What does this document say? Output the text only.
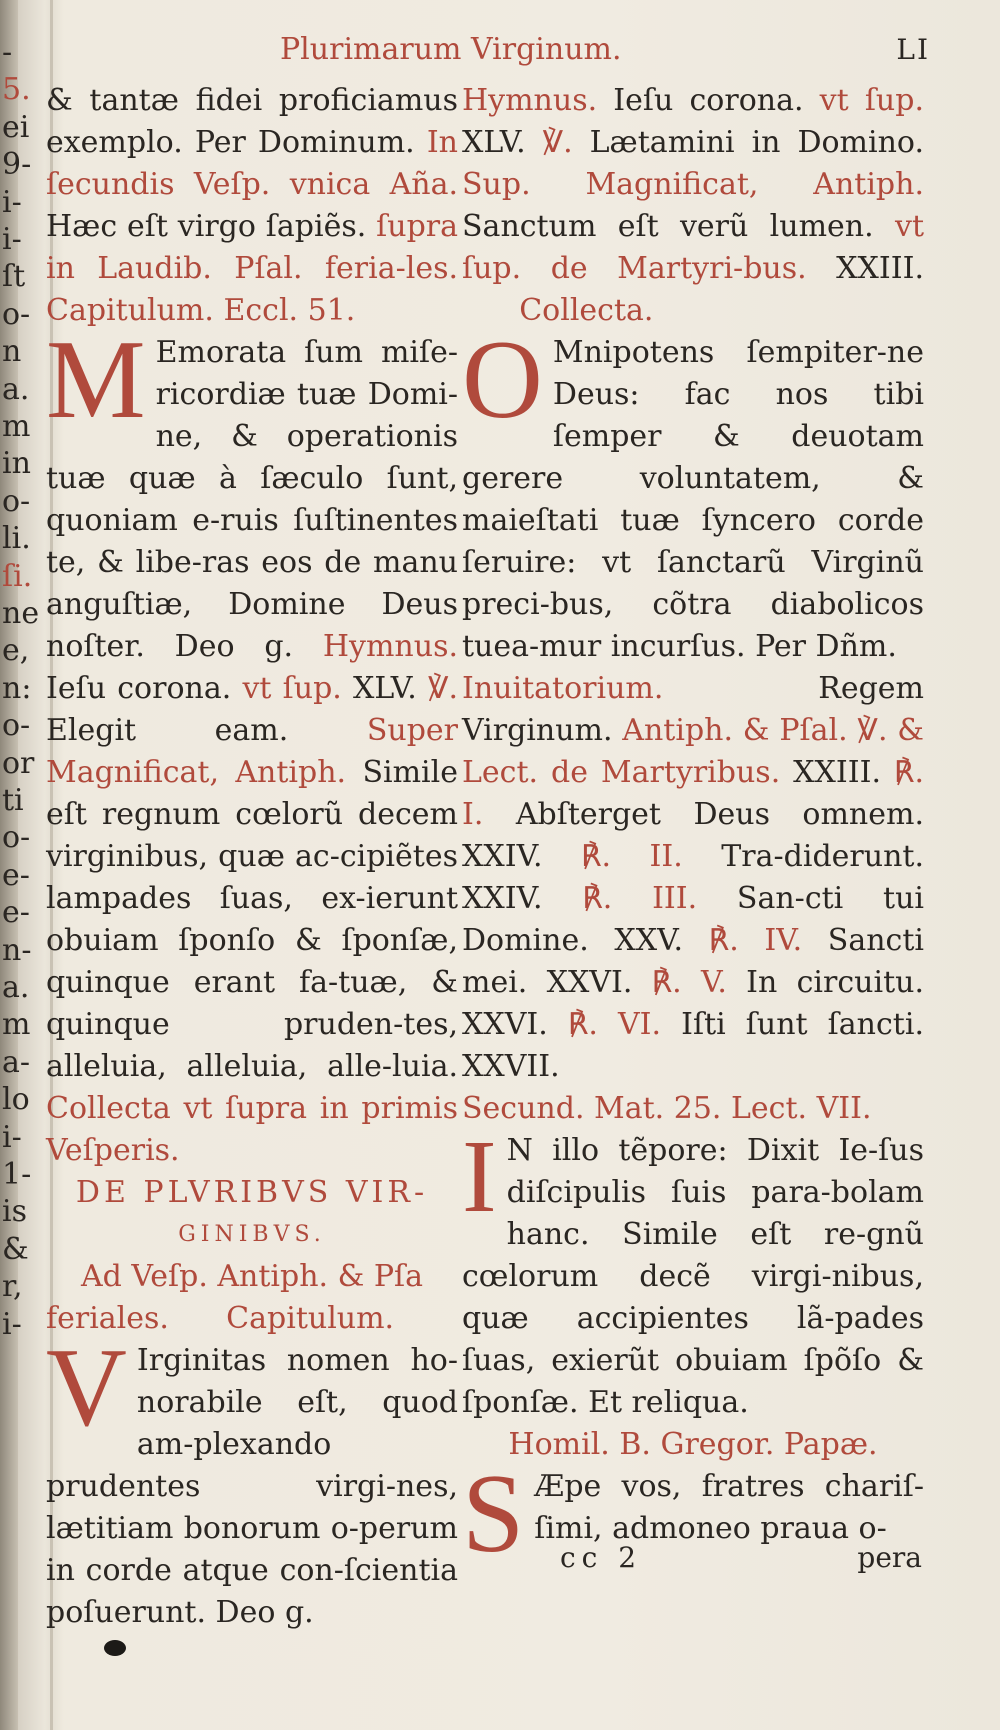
-
5.
ei
9-
i-
i-
ſt
o-
n
a.
m
in
o-
li.
ſi.
ne
e,
n:
o-
or
ti
o-
e-
e-
n-
a.
m
a-
lo
i-
1-
is
&
r,
i-
Plurimarum Virginum.	LI

& tantæ fidei proficiamus exemplo. Per Dominum. In ſecundis Veſp. vnica Aña. Hæc eſt virgo ſapiẽs. ſupra in Laudib. Pſal. feria-les. Capitulum. Eccl. 51.

M Emorata ſum miſe-ricordiæ tuæ Domi-ne, & operationis tuæ quæ à ſæculo ſunt, quoniam e-ruis ſuſtinentes te, & libe-ras eos de manu anguſtiæ, Domine Deus noſter. Deo g. Hymnus. Ieſu corona. vt ſup. XLV. ℣. Elegit eam. Super Magnificat, Antiph. Simile eſt regnum cœlorũ decem virginibus, quæ ac-cipiẽtes lampades ſuas, ex-ierunt obuiam ſponſo & ſponſæ, quinque erant fa-tuæ, & quinque pruden-tes, alleluia, alleluia, alle-luia. Collecta vt ſupra in primis Veſperis.

DE PLVRIBVS VIR-

GINIBVS.

Ad Veſp. Antiph. & Pſa

feriales.      Capitulum.

V Irginitas nomen ho-norabile eſt, quod am-plexando prudentes virgi-nes, lætitiam bonorum o-perum in corde atque con-ſcientia poſuerunt. Deo g.

Hymnus. Ieſu corona. vt ſup. XLV. ℣. Lætamini in Domino. Sup. Magnificat, Antiph. Sanctum eſt verũ lumen. vt ſup. de Martyri-bus. XXIII.      Collecta.

O Mnipotens ſempiter-ne Deus: fac nos tibi ſemper & deuotam gerere voluntatem, & maieſtati tuæ ſyncero corde ſeruire: vt ſanctarũ Virginũ preci-bus, cõtra diabolicos tuea-mur incurſus. Per Dñm.

Inuitatorium. Regem Virginum. Antiph. & Pſal. ℣. & Lect. de Martyribus. XXIII. ℟. I. Abſterget Deus omnem. XXIV. ℟. II. Tra-diderunt. XXIV. ℟. III. San-cti tui Domine. XXV. ℟. IV. Sancti mei. XXVI. ℟. V. In circuitu. XXVI. ℟. VI. Iſti ſunt ſancti. XXVII.

Secund. Mat. 25. Lect. VII.

I N illo tẽpore: Dixit Ie-ſus diſcipulis ſuis para-bolam hanc. Simile eſt re-gnũ cœlorum decẽ virgi-nibus, quæ accipientes lã-pades ſuas, exierũt obuiam ſpõſo & ſponſæ. Et reliqua.

Homil. B. Gregor. Papæ.

S Æpe vos, fratres chariſ-ſimi, admoneo praua o-

cc 2	pera
